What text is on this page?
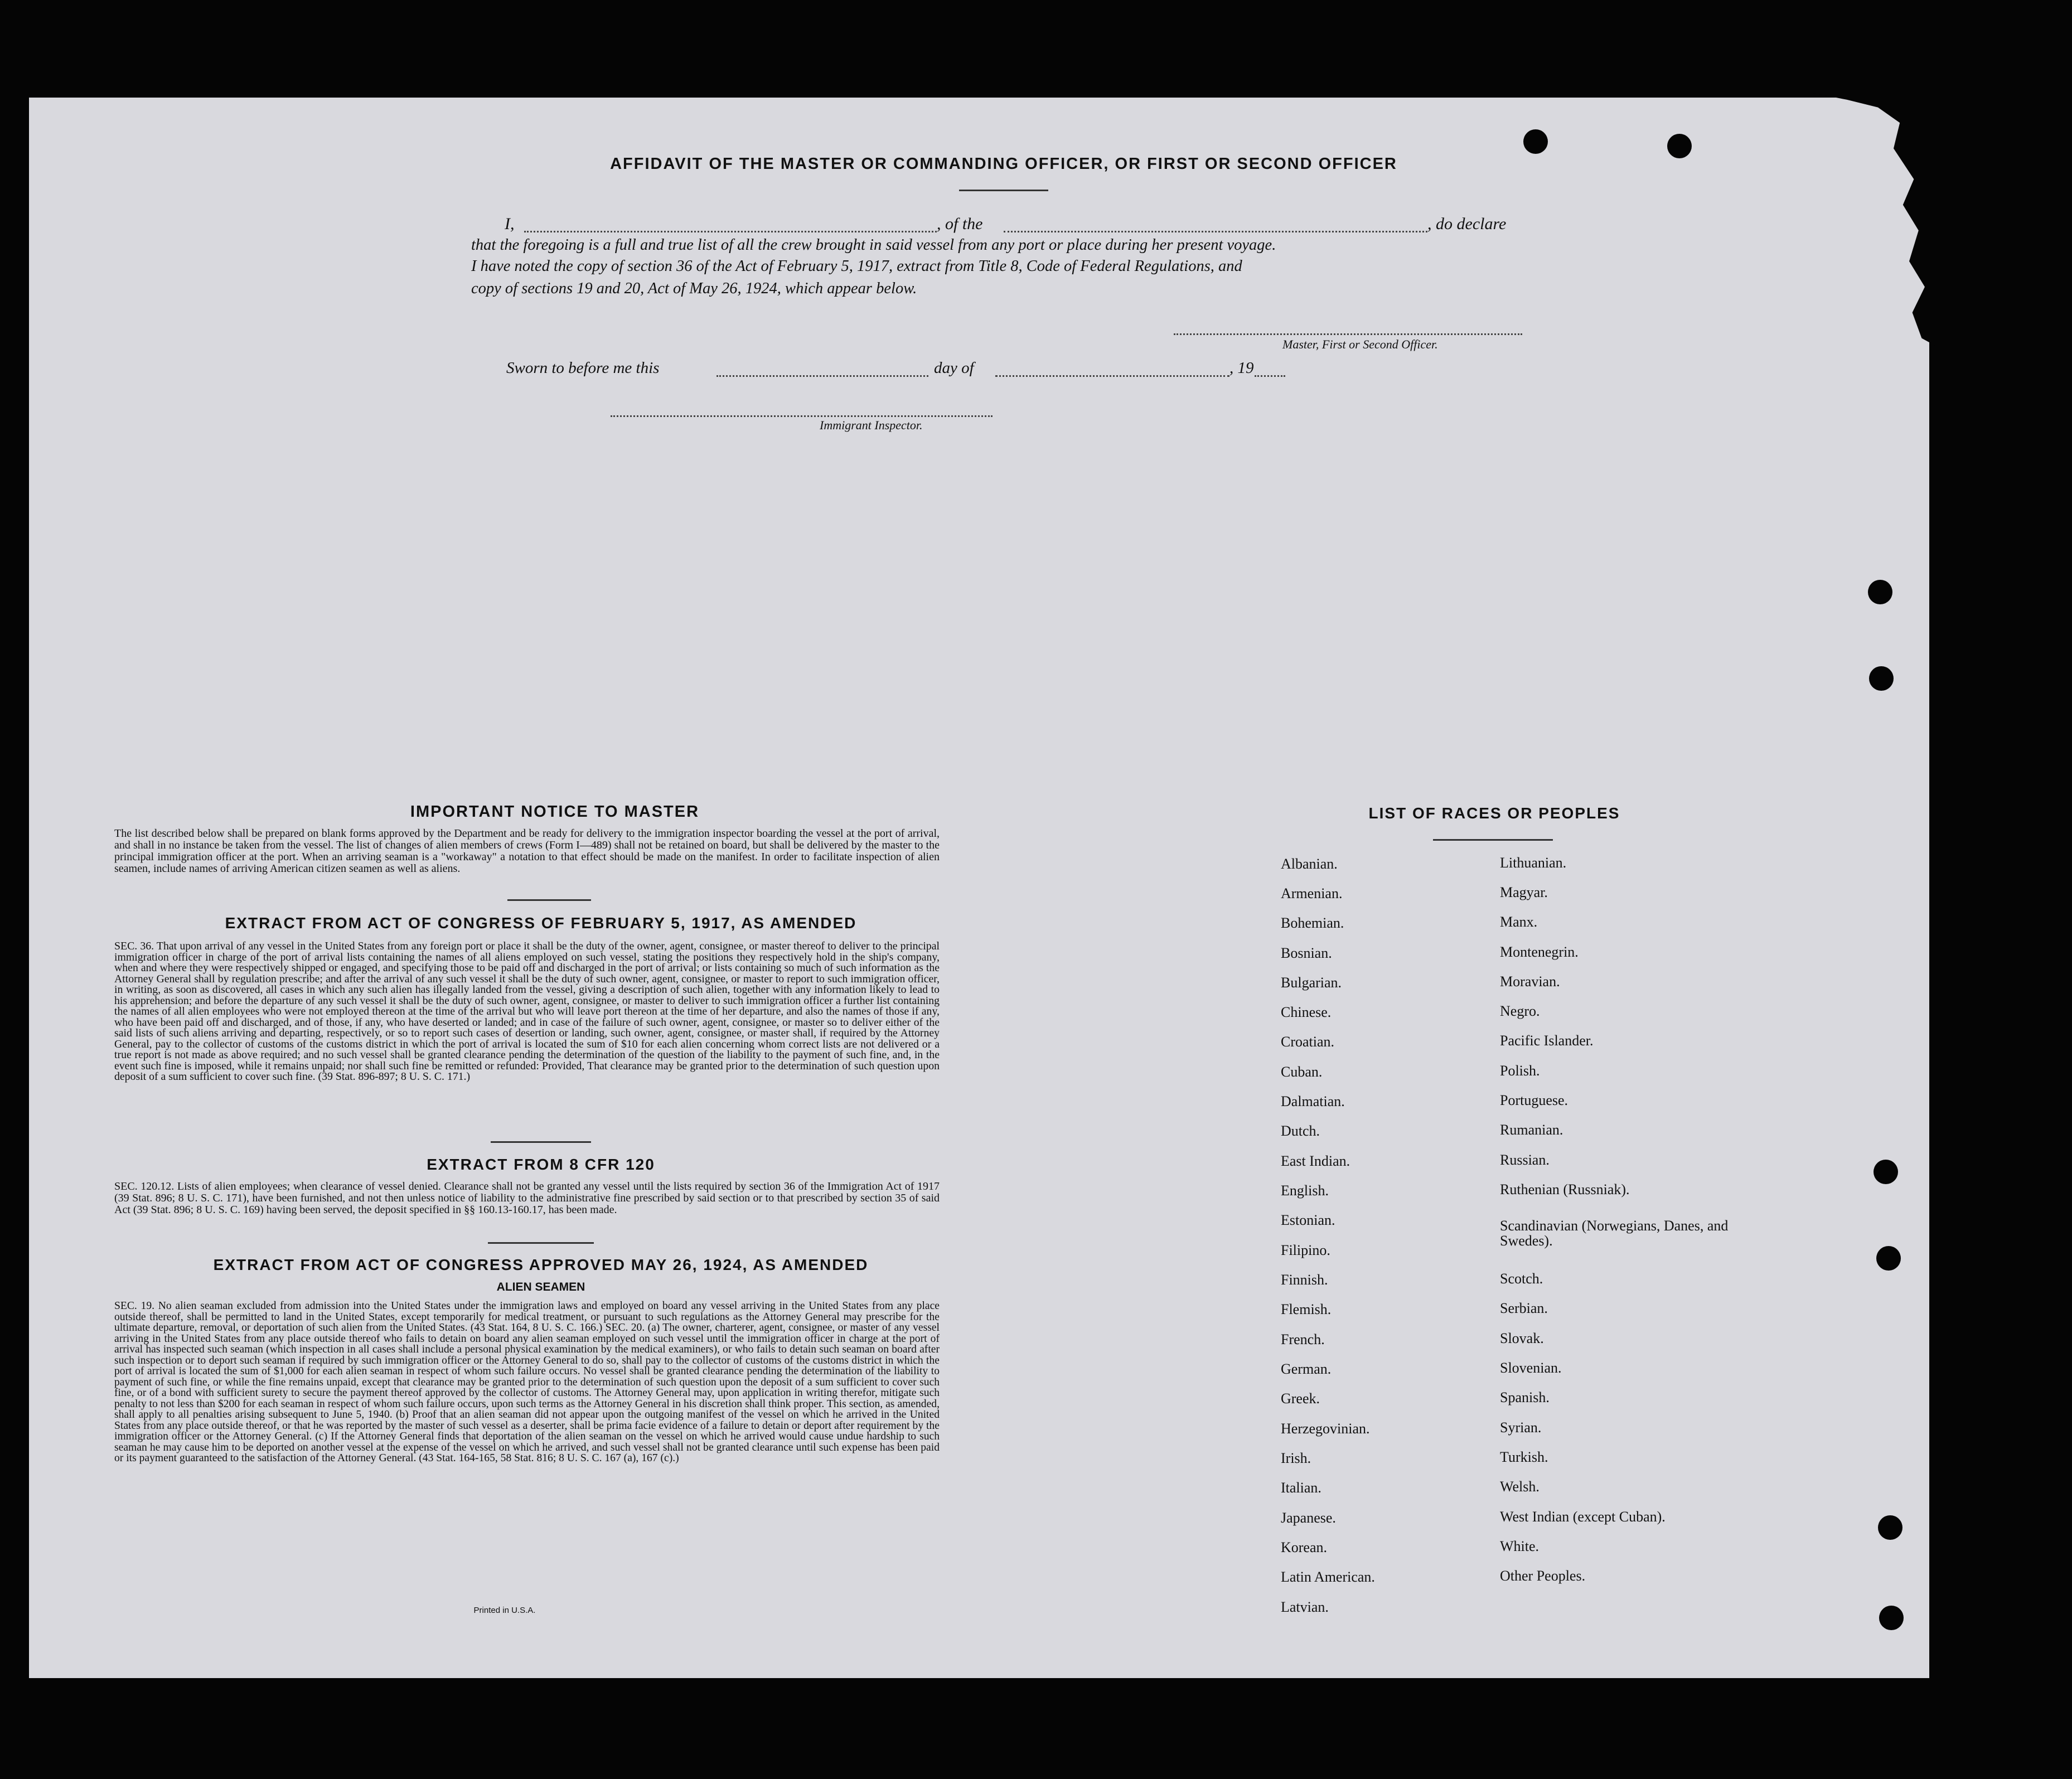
AFFIDAVIT OF THE MASTER OR COMMANDING OFFICER, OR FIRST OR SECOND OFFICER
I,	, of the	, do declare
that the foregoing is a full and true list of all the crew brought in said vessel from any port or place during her present voyage.
I have noted the copy of section 36 of the Act of February 5, 1917, extract from Title 8, Code of Federal Regulations, and
copy of sections 19 and 20, Act of May 26, 1924, which appear below.
Master, First or Second Officer.
Sworn to before me this	day of	, 19
Immigrant Inspector.
IMPORTANT NOTICE TO MASTER
The list described below shall be prepared on blank forms approved by the Department and be ready for delivery to the immigration inspector boarding the vessel at the port of arrival, and shall in no instance be taken from the vessel. The list of changes of alien members of crews (Form I—489) shall not be retained on board, but shall be delivered by the master to the principal immigration officer at the port. When an arriving seaman is a "workaway" a notation to that effect should be made on the manifest. In order to facilitate inspection of alien seamen, include names of arriving American citizen seamen as well as aliens.
EXTRACT FROM ACT OF CONGRESS OF FEBRUARY 5, 1917, AS AMENDED
SEC. 36. That upon arrival of any vessel in the United States from any foreign port or place it shall be the duty of the owner, agent, consignee, or master thereof to deliver to the principal immigration officer in charge of the port of arrival lists containing the names of all aliens employed on such vessel, stating the positions they respectively hold in the ship's company, when and where they were respectively shipped or engaged, and specifying those to be paid off and discharged in the port of arrival; or lists containing so much of such information as the Attorney General shall by regulation prescribe; and after the arrival of any such vessel it shall be the duty of such owner, agent, consignee, or master to report to such immigration officer, in writing, as soon as discovered, all cases in which any such alien has illegally landed from the vessel, giving a description of such alien, together with any information likely to lead to his apprehension; and before the departure of any such vessel it shall be the duty of such owner, agent, consignee, or master to deliver to such immigration officer a further list containing the names of all alien employees who were not employed thereon at the time of the arrival but who will leave port thereon at the time of her departure, and also the names of those if any, who have been paid off and discharged, and of those, if any, who have deserted or landed; and in case of the failure of such owner, agent, consignee, or master so to deliver either of the said lists of such aliens arriving and departing, respectively, or so to report such cases of desertion or landing, such owner, agent, consignee, or master shall, if required by the Attorney General, pay to the collector of customs of the customs district in which the port of arrival is located the sum of $10 for each alien concerning whom correct lists are not delivered or a true report is not made as above required; and no such vessel shall be granted clearance pending the determination of the question of the liability to the payment of such fine, and, in the event such fine is imposed, while it remains unpaid; nor shall such fine be remitted or refunded: Provided, That clearance may be granted prior to the determination of such question upon deposit of a sum sufficient to cover such fine. (39 Stat. 896-897; 8 U. S. C. 171.)
EXTRACT FROM 8 CFR 120
SEC. 120.12. Lists of alien employees; when clearance of vessel denied. Clearance shall not be granted any vessel until the lists required by section 36 of the Immigration Act of 1917 (39 Stat. 896; 8 U. S. C. 171), have been furnished, and not then unless notice of liability to the administrative fine prescribed by said section or to that prescribed by section 35 of said Act (39 Stat. 896; 8 U. S. C. 169) having been served, the deposit specified in §§ 160.13-160.17, has been made.
EXTRACT FROM ACT OF CONGRESS APPROVED MAY 26, 1924, AS AMENDED
ALIEN SEAMEN
SEC. 19. No alien seaman excluded from admission into the United States under the immigration laws and employed on board any vessel arriving in the United States from any place outside thereof, shall be permitted to land in the United States, except temporarily for medical treatment, or pursuant to such regulations as the Attorney General may prescribe for the ultimate departure, removal, or deportation of such alien from the United States. (43 Stat. 164, 8 U. S. C. 166.) SEC. 20. (a) The owner, charterer, agent, consignee, or master of any vessel arriving in the United States from any place outside thereof who fails to detain on board any alien seaman employed on such vessel until the immigration officer in charge at the port of arrival has inspected such seaman (which inspection in all cases shall include a personal physical examination by the medical examiners), or who fails to detain such seaman on board after such inspection or to deport such seaman if required by such immigration officer or the Attorney General to do so, shall pay to the collector of customs of the customs district in which the port of arrival is located the sum of $1,000 for each alien seaman in respect of whom such failure occurs. No vessel shall be granted clearance pending the determination of the liability to payment of such fine, or while the fine remains unpaid, except that clearance may be granted prior to the determination of such question upon the deposit of a sum sufficient to cover such fine, or of a bond with sufficient surety to secure the payment thereof approved by the collector of customs. The Attorney General may, upon application in writing therefor, mitigate such penalty to not less than $200 for each seaman in respect of whom such failure occurs, upon such terms as the Attorney General in his discretion shall think proper. This section, as amended, shall apply to all penalties arising subsequent to June 5, 1940. (b) Proof that an alien seaman did not appear upon the outgoing manifest of the vessel on which he arrived in the United States from any place outside thereof, or that he was reported by the master of such vessel as a deserter, shall be prima facie evidence of a failure to detain or deport after requirement by the immigration officer or the Attorney General. (c) If the Attorney General finds that deportation of the alien seaman on the vessel on which he arrived would cause undue hardship to such seaman he may cause him to be deported on another vessel at the expense of the vessel on which he arrived, and such vessel shall not be granted clearance until such expense has been paid or its payment guaranteed to the satisfaction of the Attorney General. (43 Stat. 164-165, 58 Stat. 816; 8 U. S. C. 167 (a), 167 (c).)
Printed in U.S.A.
LIST OF RACES OR PEOPLES
Albanian.
Armenian.
Bohemian.
Bosnian.
Bulgarian.
Chinese.
Croatian.
Cuban.
Dalmatian.
Dutch.
East Indian.
English.
Estonian.
Filipino.
Finnish.
Flemish.
French.
German.
Greek.
Herzegovinian.
Irish.
Italian.
Japanese.
Korean.
Latin American.
Latvian.
Lithuanian.
Magyar.
Manx.
Montenegrin.
Moravian.
Negro.
Pacific Islander.
Polish.
Portuguese.
Rumanian.
Russian.
Ruthenian (Russniak).
Scandinavian (Norwegians, Danes, and Swedes).
Scotch.
Serbian.
Slovak.
Slovenian.
Spanish.
Syrian.
Turkish.
Welsh.
West Indian (except Cuban).
White.
Other Peoples.
